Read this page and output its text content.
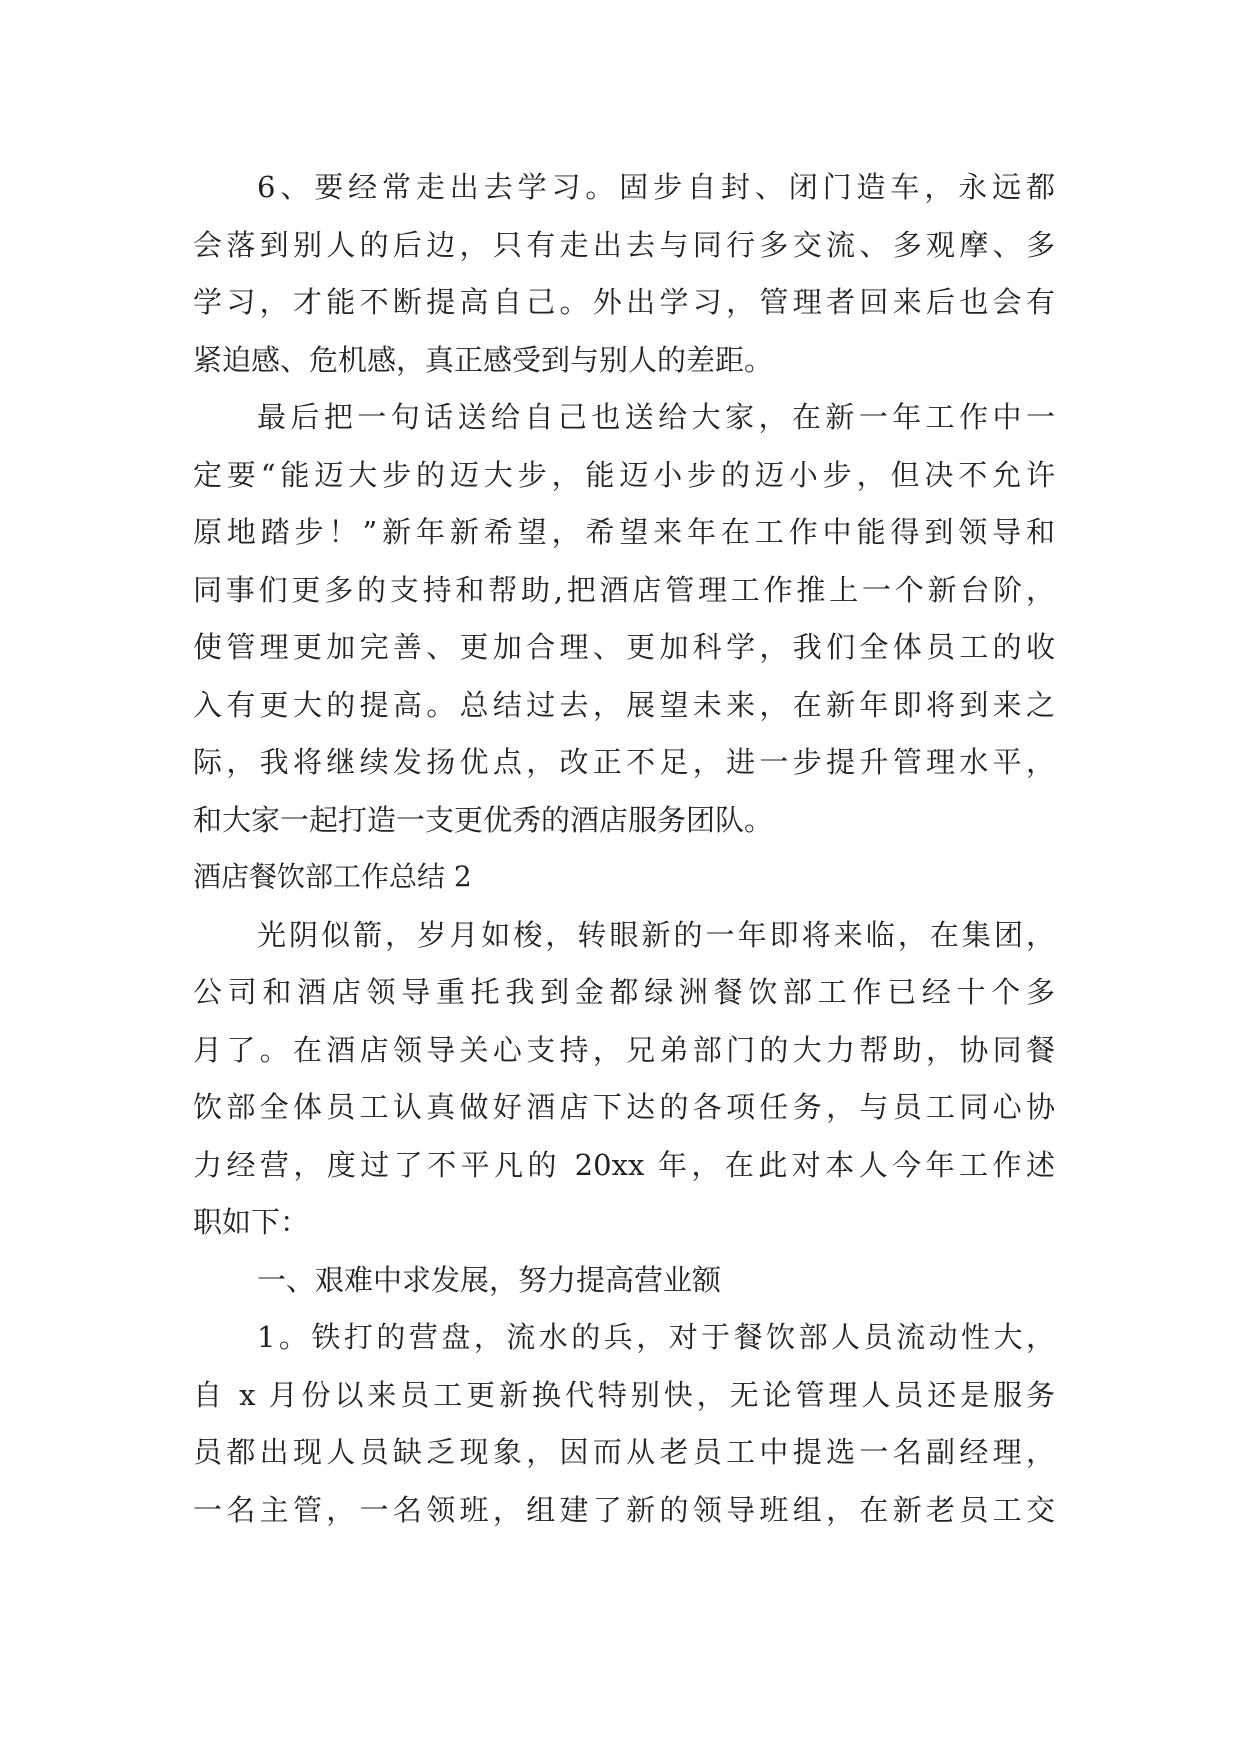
6、要经常走出去学习。固步自封、闭门造车，永远都
会落到别人的后边，只有走出去与同行多交流、多观摩、多
学习，才能不断提高自己。外出学习，管理者回来后也会有
紧迫感、危机感，真正感受到与别人的差距。
最后把一句话送给自己也送给大家，在新一年工作中一
定要“能迈大步的迈大步，能迈小步的迈小步，但决不允许
原地踏步！”新年新希望，希望来年在工作中能得到领导和
同事们更多的支持和帮助,把酒店管理工作推上一个新台阶，
使管理更加完善、更加合理、更加科学，我们全体员工的收
入有更大的提高。总结过去，展望未来，在新年即将到来之
际，我将继续发扬优点，改正不足，进一步提升管理水平，
和大家一起打造一支更优秀的酒店服务团队。
酒店餐饮部工作总结 2
光阴似箭，岁月如梭，转眼新的一年即将来临，在集团，
公司和酒店领导重托我到金都绿洲餐饮部工作已经十个多
月了。在酒店领导关心支持，兄弟部门的大力帮助，协同餐
饮部全体员工认真做好酒店下达的各项任务，与员工同心协
力经营，度过了不平凡的 20xx 年，在此对本人今年工作述
职如下：
一、艰难中求发展，努力提高营业额
1。铁打的营盘，流水的兵，对于餐饮部人员流动性大，
自 x 月份以来员工更新换代特别快，无论管理人员还是服务
员都出现人员缺乏现象，因而从老员工中提选一名副经理，
一名主管，一名领班，组建了新的领导班组，在新老员工交
